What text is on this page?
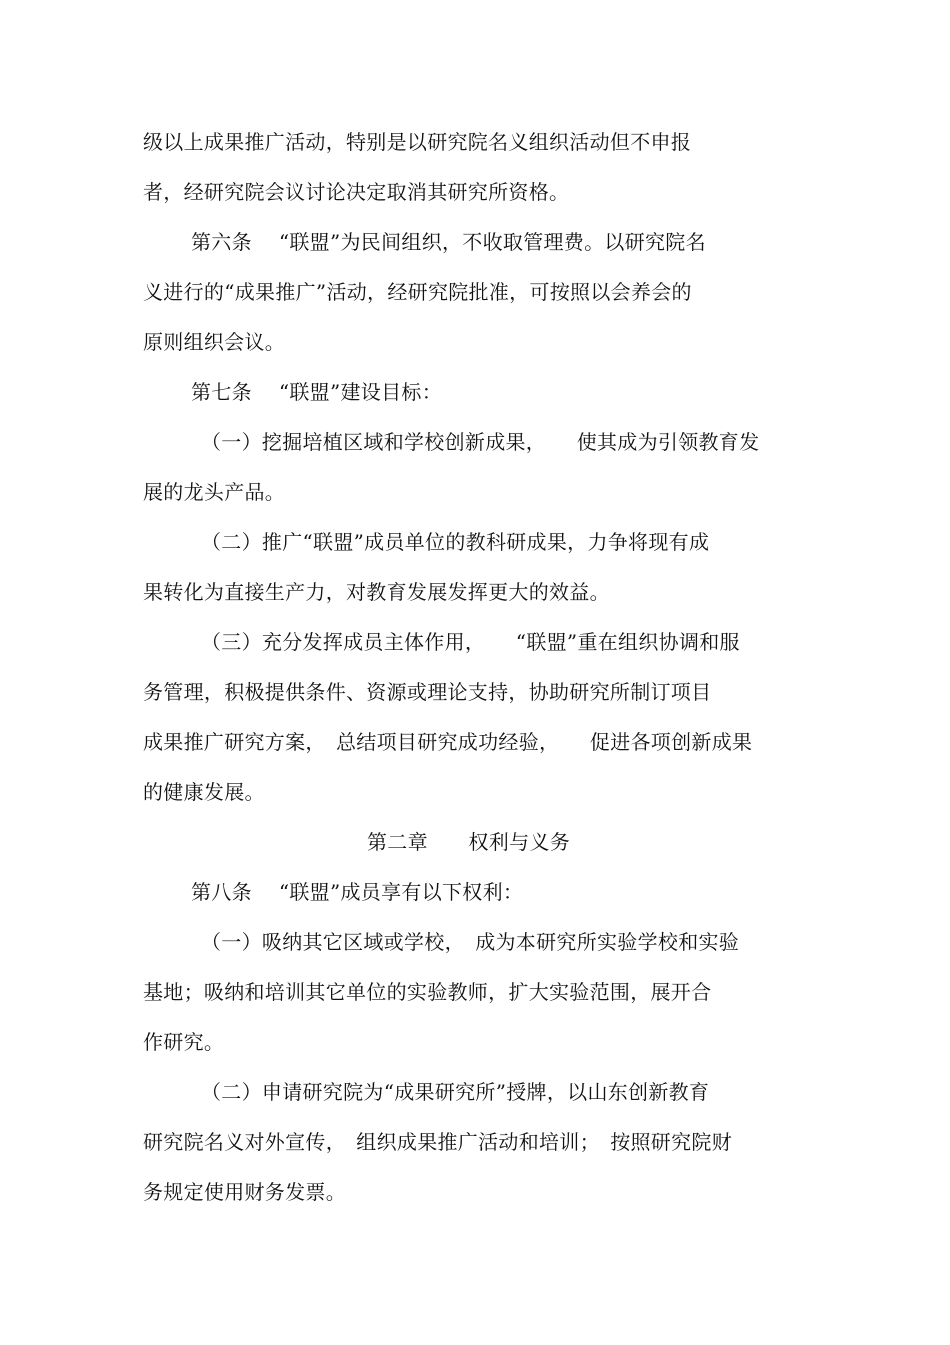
级以上成果推广活动，特别是以研究院名义组织活动但不申报
者，经研究院会议讨论决定取消其研究所资格。
第六条　 “联盟”为民间组织，不收取管理费。以研究院名
义进行的“成果推广”活动，经研究院批准，可按照以会养会的
原则组织会议。
第七条　 “联盟”建设目标：
（一）挖掘培植区域和学校创新成果，　　使其成为引领教育发
展的龙头产品。
（二）推广“联盟”成员单位的教科研成果，力争将现有成
果转化为直接生产力，对教育发展发挥更大的效益。
（三）充分发挥成员主体作用，　　“联盟”重在组织协调和服
务管理，积极提供条件、资源或理论支持，协助研究所制订项目
成果推广研究方案，　总结项目研究成功经验，　　促进各项创新成果
的健康发展。
第二章　　权利与义务
第八条　 “联盟”成员享有以下权利：
（一）吸纳其它区域或学校，　成为本研究所实验学校和实验
基地；吸纳和培训其它单位的实验教师，扩大实验范围，展开合
作研究。
（二）申请研究院为“成果研究所”授牌，以山东创新教育
研究院名义对外宣传，　组织成果推广活动和培训；　按照研究院财
务规定使用财务发票。
